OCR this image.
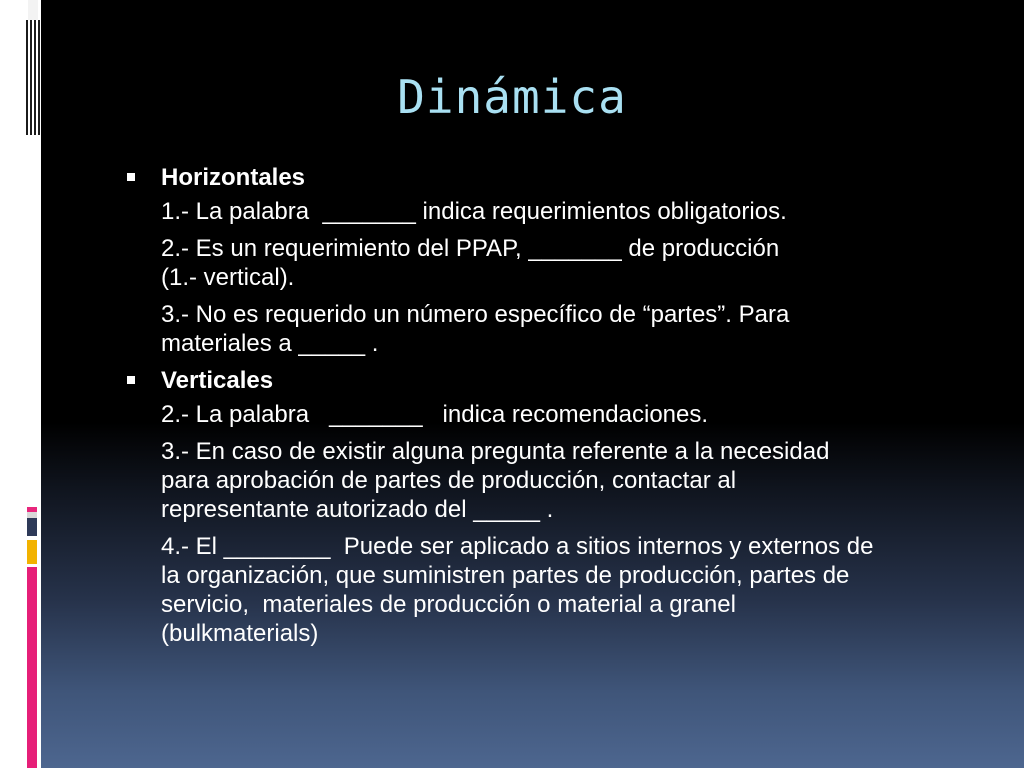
Dinámica
Horizontales
1.- La palabra  _______ indica requerimientos obligatorios.
2.- Es un requerimiento del PPAP, _______ de producción
(1.- vertical).
3.- No es requerido un número específico de “partes”. Para
materiales a _____ .
Verticales
2.- La palabra   _______   indica recomendaciones.
3.- En caso de existir alguna pregunta referente a la necesidad
para aprobación de partes de producción, contactar al
representante autorizado del _____ .
4.- El ________  Puede ser aplicado a sitios internos y externos de
la organización, que suministren partes de producción, partes de
servicio,  materiales de producción o material a granel
(bulkmaterials)
